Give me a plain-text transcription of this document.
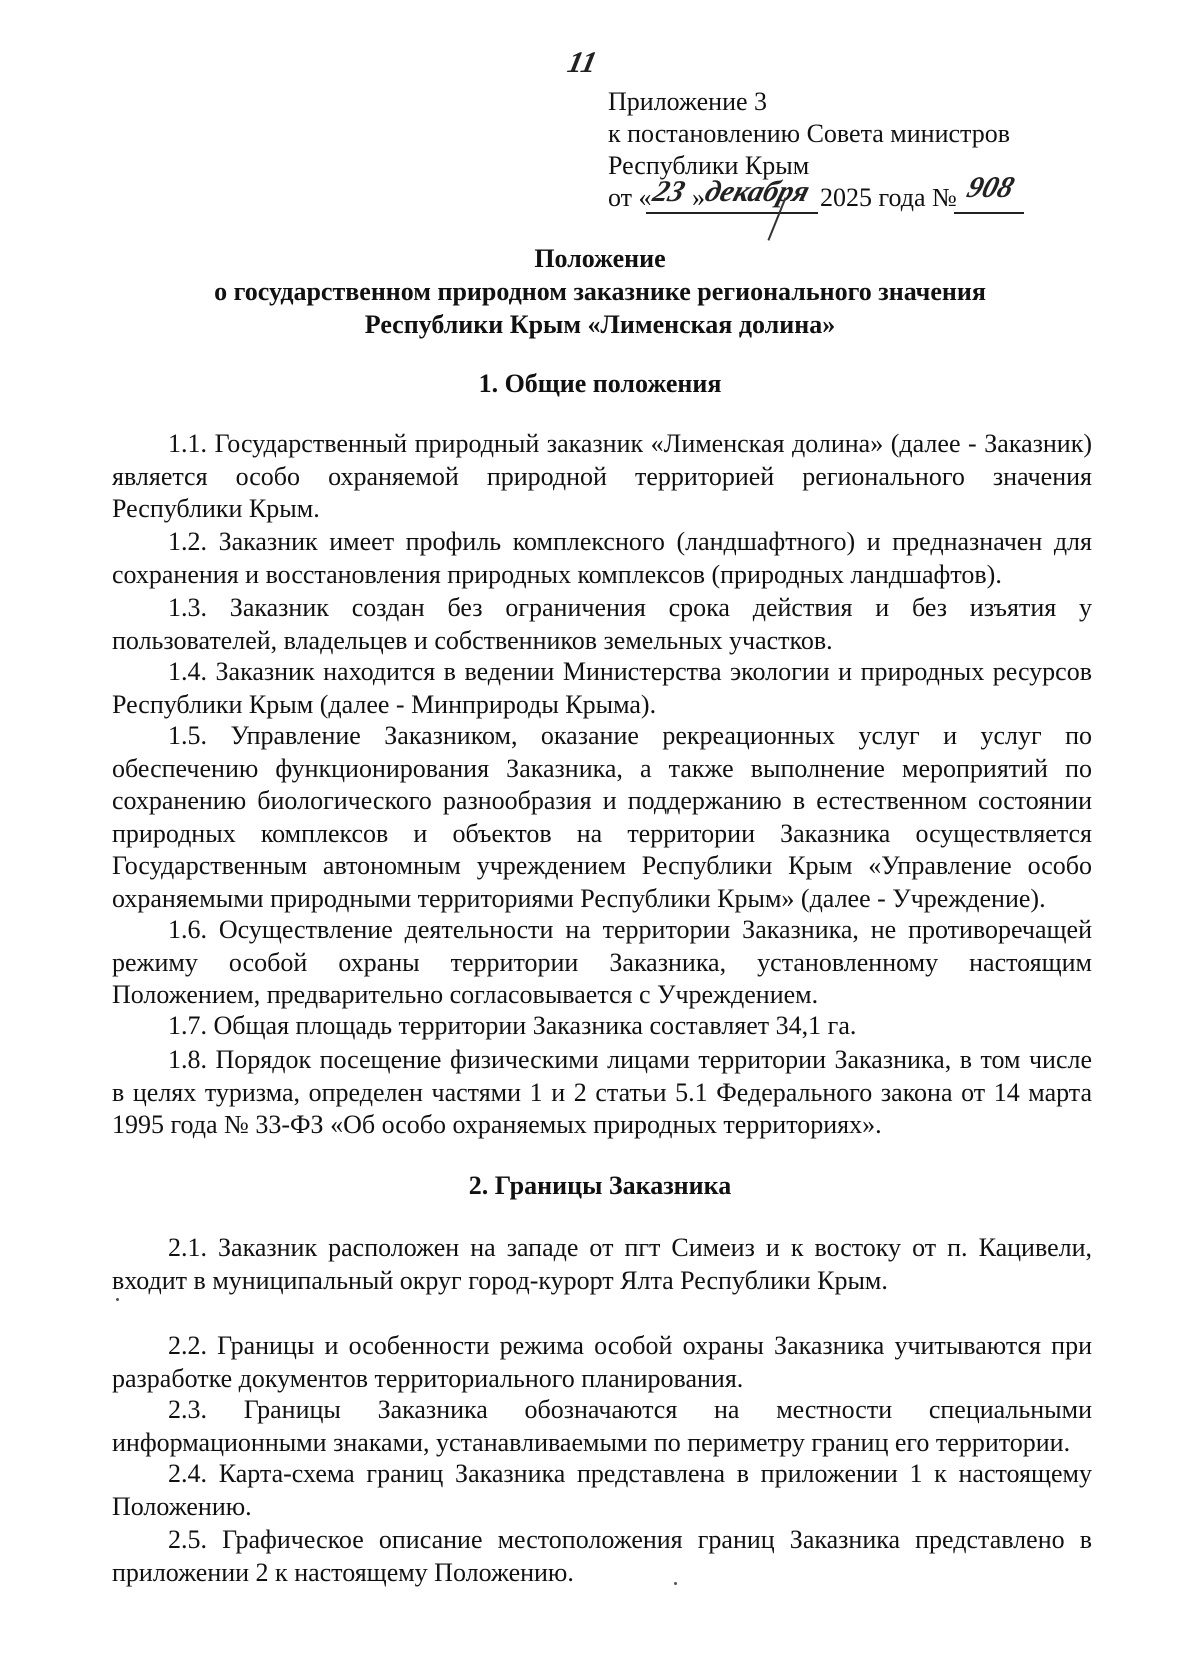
11
Приложение 3
к постановлению Совета министров
Республики Крым
от «
23 »
декабря 2025 года № 908
Положение
о государственном природном заказнике регионального значения
Республики Крым «Лименская долина»
1. Общие положения

1.1. Государственный природный заказник «Лименская долина» (далее - Заказник) является особо охраняемой природной территорией регионального значения Республики Крым.

1.2. Заказник имеет профиль комплексного (ландшафтного) и предназначен для сохранения и восстановления природных комплексов (природных ландшафтов).

1.3. Заказник создан без ограничения срока действия и без изъятия у пользователей, владельцев и собственников земельных участков.

1.4. Заказник находится в ведении Министерства экологии и природных ресурсов Республики Крым (далее - Минприроды Крыма).

1.5. Управление Заказником, оказание рекреационных услуг и услуг по обеспечению функционирования Заказника, а также выполнение мероприятий по сохранению биологического разнообразия и поддержанию в естественном состоянии природных комплексов и объектов на территории Заказника осуществляется Государственным автономным учреждением Республики Крым «Управление особо охраняемыми природными территориями Республики Крым» (далее - Учреждение).

1.6. Осуществление деятельности на территории Заказника, не противоречащей режиму особой охраны территории Заказника, установленному настоящим Положением, предварительно согласовывается с Учреждением.

1.7. Общая площадь территории Заказника составляет 34,1 га.

1.8. Порядок посещение физическими лицами территории Заказника, в том числе в целях туризма, определен частями 1 и 2 статьи 5.1 Федерального закона от 14 марта 1995 года № 33-ФЗ «Об особо охраняемых природных территориях».

2. Границы Заказника

2.1. Заказник расположен на западе от пгт Симеиз и к востоку от п. Кацивели, входит в муниципальный округ город-курорт Ялта Республики Крым.

2.2. Границы и особенности режима особой охраны Заказника учитываются при разработке документов территориального планирования.

2.3. Границы Заказника обозначаются на местности специальными информационными знаками, устанавливаемыми по периметру границ его территории.

2.4. Карта-схема границ Заказника представлена в приложении 1 к настоящему Положению.

2.5. Графическое описание местоположения границ Заказника представлено в приложении 2 к настоящему Положению.
